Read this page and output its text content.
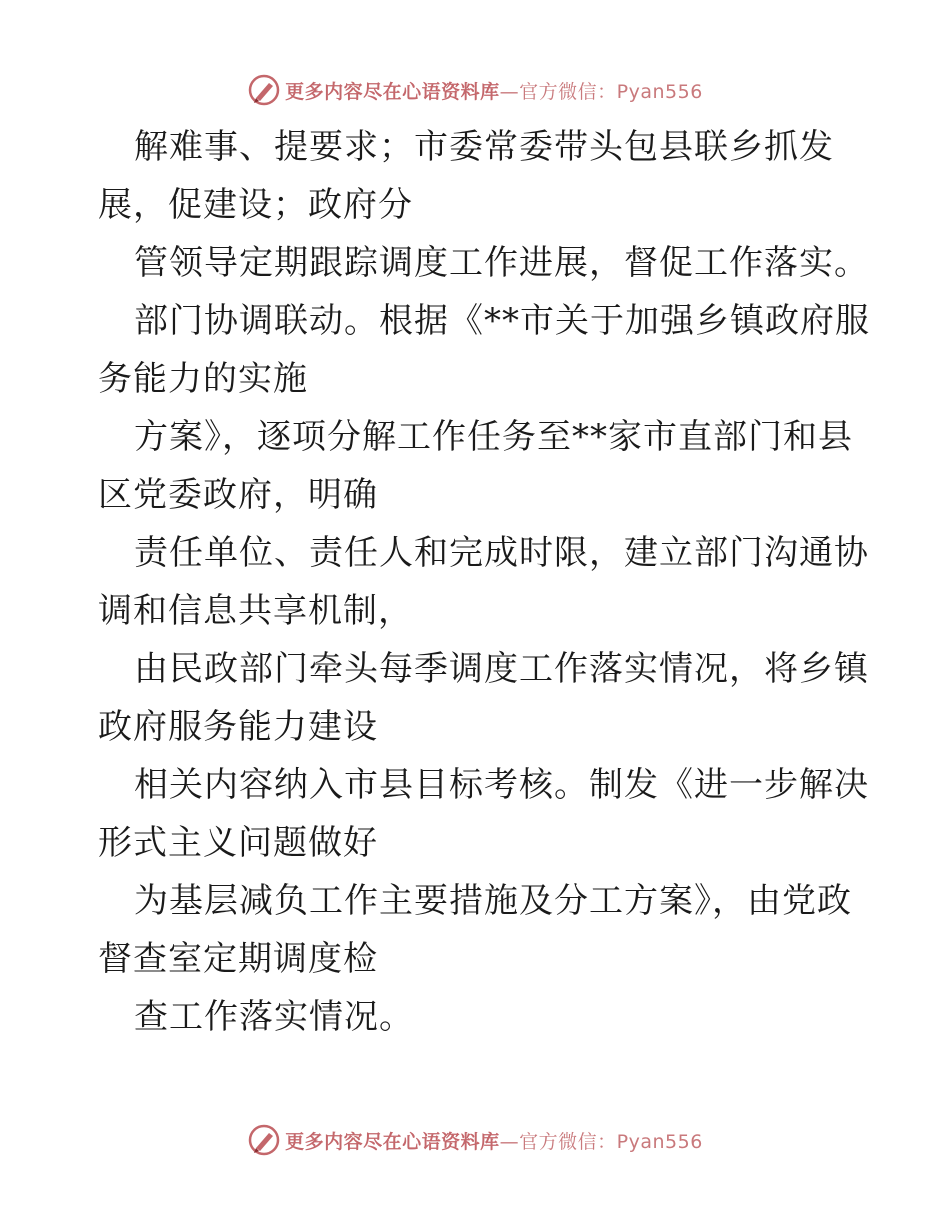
更多内容尽在心语资料库—官方微信：Pyan556
解难事、提要求；市委常委带头包县联乡抓发
展，促建设；政府分
管领导定期跟踪调度工作进展，督促工作落实。
部门协调联动。根据《**市关于加强乡镇政府服
务能力的实施
方案》，逐项分解工作任务至**家市直部门和县
区党委政府，明确
责任单位、责任人和完成时限，建立部门沟通协
调和信息共享机制，
由民政部门牵头每季调度工作落实情况，将乡镇
政府服务能力建设
相关内容纳入市县目标考核。制发《进一步解决
形式主义问题做好
为基层减负工作主要措施及分工方案》，由党政
督查室定期调度检
查工作落实情况。
更多内容尽在心语资料库—官方微信：Pyan556
